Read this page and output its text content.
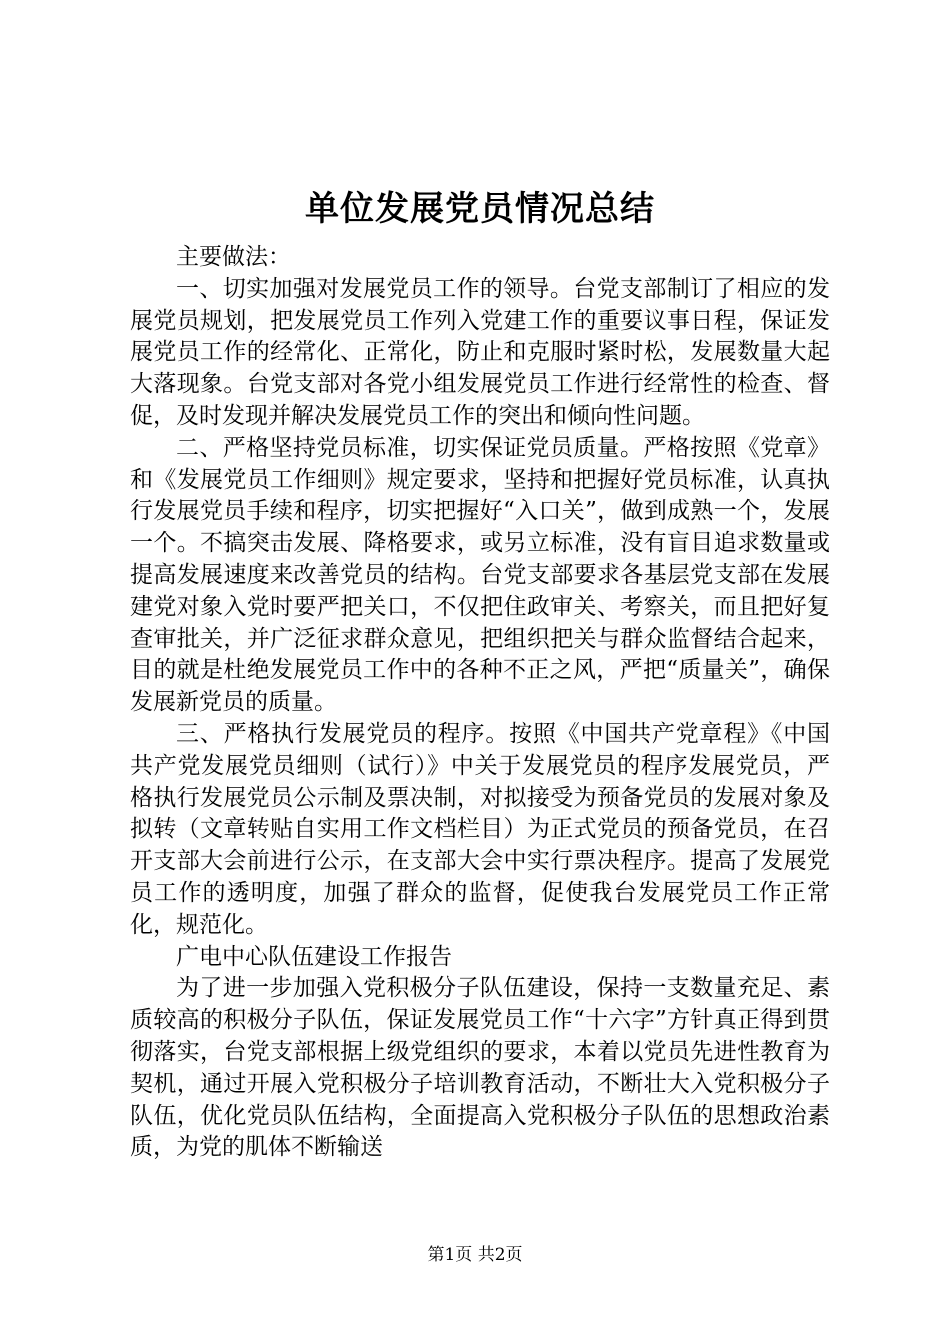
单位发展党员情况总结

主要做法：

一、切实加强对发展党员工作的领导。台党支部制订了相应的发展党员规划，把发展党员工作列入党建工作的重要议事日程，保证发展党员工作的经常化、正常化，防止和克服时紧时松，发展数量大起大落现象。台党支部对各党小组发展党员工作进行经常性的检查、督促，及时发现并解决发展党员工作的突出和倾向性问题。

二、严格坚持党员标准，切实保证党员质量。严格按照《党章》和《发展党员工作细则》规定要求，坚持和把握好党员标准，认真执行发展党员手续和程序，切实把握好“入口关”，做到成熟一个，发展一个。不搞突击发展、降格要求，或另立标准，没有盲目追求数量或提高发展速度来改善党员的结构。台党支部要求各基层党支部在发展建党对象入党时要严把关口，不仅把住政审关、考察关，而且把好复查审批关，并广泛征求群众意见，把组织把关与群众监督结合起来，目的就是杜绝发展党员工作中的各种不正之风，严把“质量关”，确保发展新党员的质量。

三、严格执行发展党员的程序。按照《中国共产党章程》《中国共产党发展党员细则（试行）》中关于发展党员的程序发展党员，严格执行发展党员公示制及票决制，对拟接受为预备党员的发展对象及拟转（文章转贴自实用工作文档栏目）为正式党员的预备党员，在召开支部大会前进行公示，在支部大会中实行票决程序。提高了发展党员工作的透明度，加强了群众的监督，促使我台发展党员工作正常化，规范化。

广电中心队伍建设工作报告

为了进一步加强入党积极分子队伍建设，保持一支数量充足、素质较高的积极分子队伍，保证发展党员工作“十六字”方针真正得到贯彻落实，台党支部根据上级党组织的要求，本着以党员先进性教育为契机，通过开展入党积极分子培训教育活动，不断壮大入党积极分子队伍，优化党员队伍结构，全面提高入党积极分子队伍的思想政治素质，为党的肌体不断输送

第1页 共2页
